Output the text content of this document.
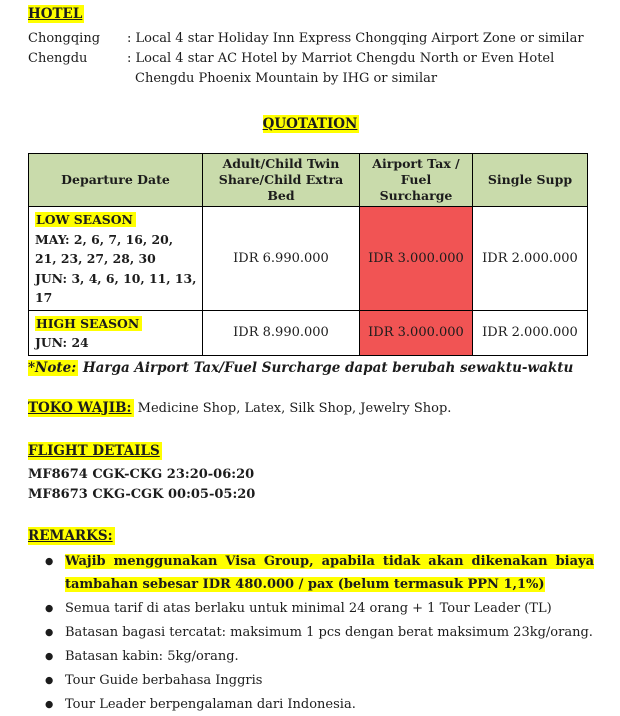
HOTEL
Chongqing	: Local 4 star Holiday Inn Express Chongqing Airport Zone or similar
Chengdu	: Local 4 star AC Hotel by Marriot Chengdu North or Even Hotel Chengdu Phoenix Mountain by IHG or similar
QUOTATION
Departure Date	Adult/Child Twin Share/Child Extra Bed	Airport Tax / Fuel Surcharge	Single Supp
LOW SEASON
MAY: 2, 6, 7, 16, 20, 21, 23, 27, 28, 30
JUN: 3, 4, 6, 10, 11, 13, 17	IDR 6.990.000	IDR 3.000.000	IDR 2.000.000
HIGH SEASON
JUN: 24	IDR 8.990.000	IDR 3.000.000	IDR 2.000.000
*Note: Harga Airport Tax/Fuel Surcharge dapat berubah sewaktu-waktu
TOKO WAJIB: Medicine Shop, Latex, Silk Shop, Jewelry Shop.
FLIGHT DETAILS
MF8674 CGK-CKG 23:20-06:20
MF8673 CKG-CGK 00:05-05:20
REMARKS:
● Wajib menggunakan Visa Group, apabila tidak akan dikenakan biaya tambahan sebesar IDR 480.000 / pax (belum termasuk PPN 1,1%)
● Semua tarif di atas berlaku untuk minimal 24 orang + 1 Tour Leader (TL)
● Batasan bagasi tercatat: maksimum 1 pcs dengan berat maksimum 23kg/orang.
● Batasan kabin: 5kg/orang.
● Tour Guide berbahasa Inggris
● Tour Leader berpengalaman dari Indonesia.
